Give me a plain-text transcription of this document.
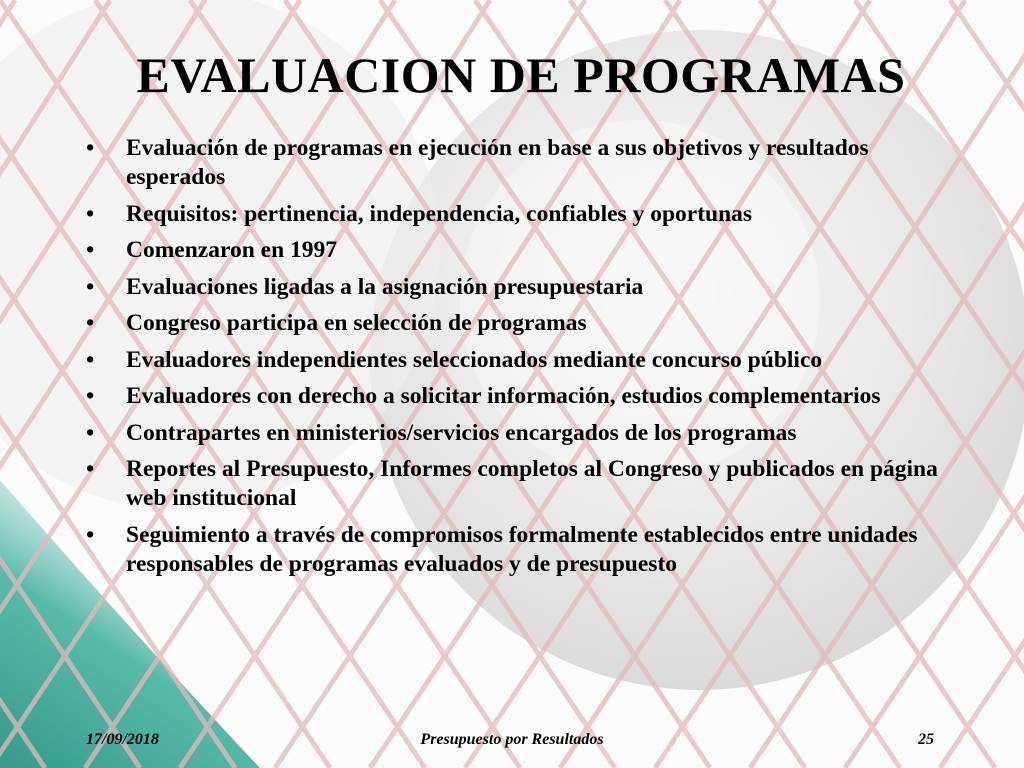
EVALUACION DE PROGRAMAS
• Evaluación de programas en ejecución en base a sus objetivos y resultados esperados
• Requisitos: pertinencia, independencia, confiables y oportunas
• Comenzaron en 1997
• Evaluaciones ligadas a la asignación presupuestaria
• Congreso participa en selección de programas
• Evaluadores independientes seleccionados mediante concurso público
• Evaluadores con derecho a solicitar información, estudios complementarios
• Contrapartes en ministerios/servicios encargados de los programas
• Reportes al Presupuesto, Informes completos al Congreso y publicados en página web institucional
• Seguimiento a través de compromisos formalmente establecidos entre unidades responsables de programas evaluados y de presupuesto
17/09/2018	Presupuesto por Resultados	25
